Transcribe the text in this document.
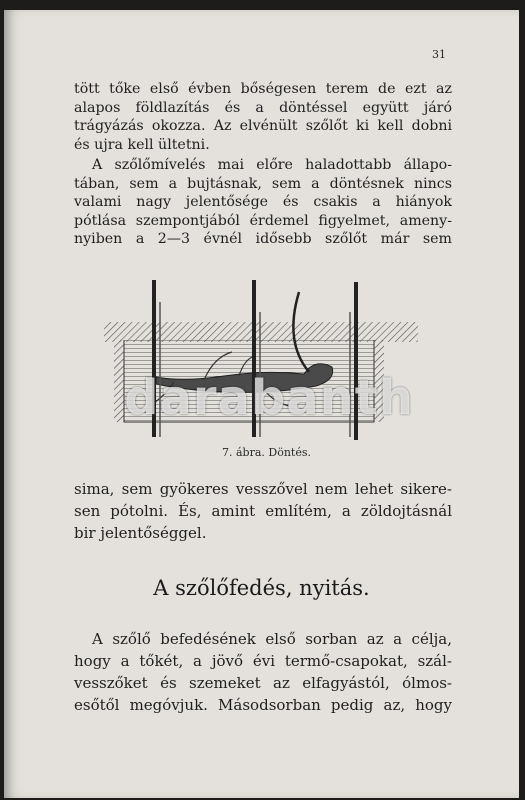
31
tött tőke első évben bőségesen terem de ezt az
alapos földlazítás és a döntéssel együtt járó
trágyázás okozza. Az elvénült szőlőt ki kell dobni
és ujra kell ültetni.
A szőlőmívelés mai előre haladottabb állapo-
tában, sem a bujtásnak, sem a döntésnek nincs
valami nagy jelentősége és csakis a hiányok
pótlása szempontjából érdemel figyelmet, ameny-
nyiben a 2—3 évnél idősebb szőlőt már sem
7. ábra. Döntés.
sima, sem gyökeres vesszővel nem lehet sikere-
sen pótolni. És, amint említém, a zöldojtásnál
bir jelentőséggel.
A szőlőfedés, nyitás.
A szőlő befedésének első sorban az a célja,
hogy a tőkét, a jövő évi termő-csapokat, szál-
vesszőket és szemeket az elfagyástól, ólmos-
esőtől megóvjuk. Másodsorban pedig az, hogy
darabanth
